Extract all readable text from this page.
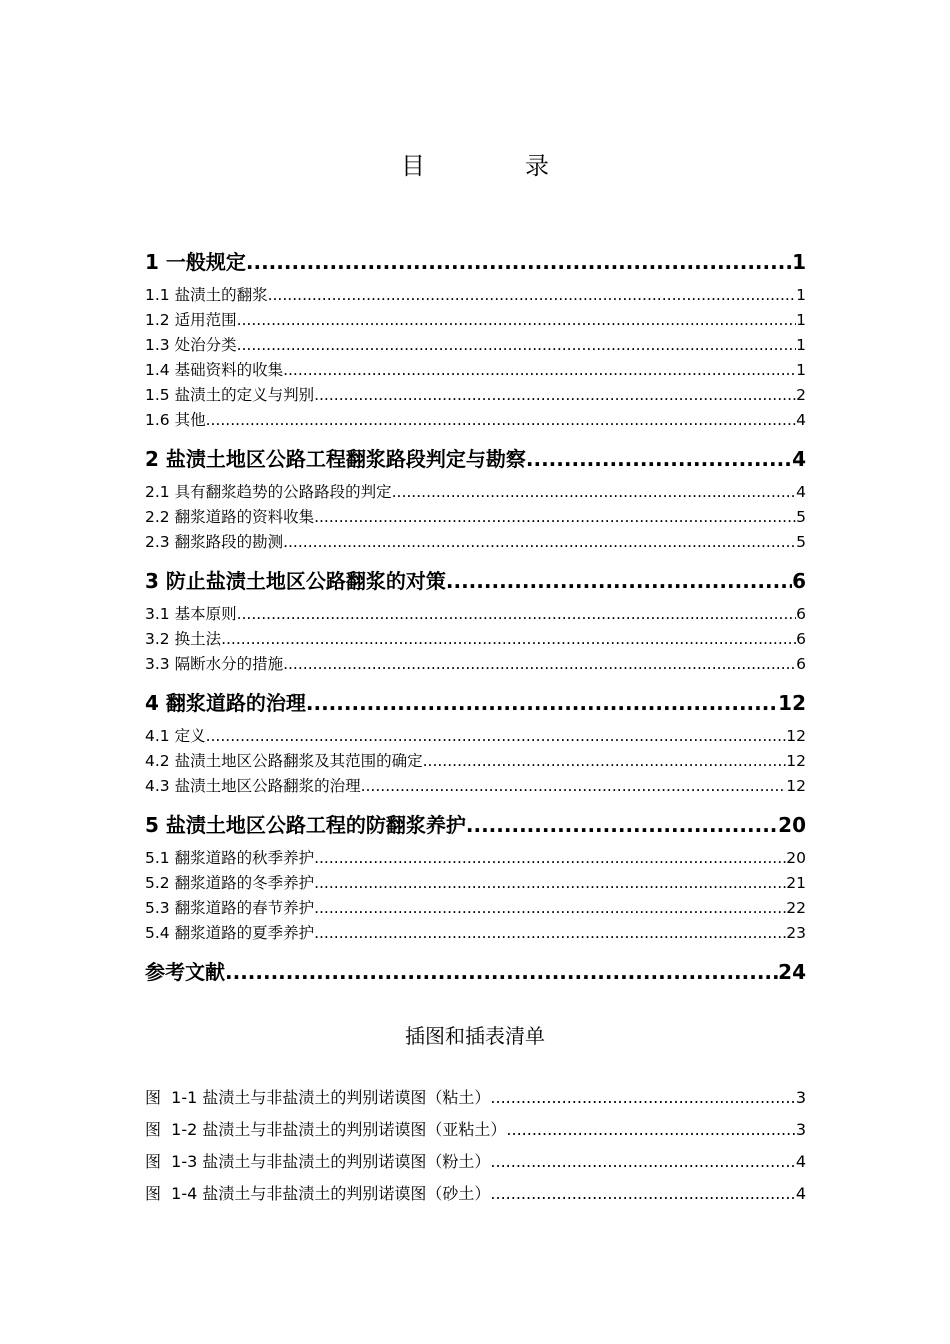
目　录
1 一般规定 .....	1
1.1 盐渍土的翻浆 .....	1
1.2 适用范围 .....	1
1.3 处治分类 .....	1
1.4 基础资料的收集 .....	1
1.5 盐渍土的定义与判别 .....	2
1.6 其他 .....	4
2 盐渍土地区公路工程翻浆路段判定与勘察 .....	4
2.1 具有翻浆趋势的公路路段的判定 .....	4
2.2 翻浆道路的资料收集 .....	5
2.3 翻浆路段的勘测 .....	5
3 防止盐渍土地区公路翻浆的对策 .....	6
3.1 基本原则 .....	6
3.2 换土法 .....	6
3.3 隔断水分的措施 .....	6
4 翻浆道路的治理 .....	12
4.1 定义 .....	12
4.2 盐渍土地区公路翻浆及其范围的确定 .....	12
4.3 盐渍土地区公路翻浆的治理 .....	12
5 盐渍土地区公路工程的防翻浆养护 .....	20
5.1 翻浆道路的秋季养护 .....	20
5.2 翻浆道路的冬季养护 .....	21
5.3 翻浆道路的春节养护 .....	22
5.4 翻浆道路的夏季养护 .....	23
参考文献 .....	24
插图和插表清单
图  1-1 盐渍土与非盐渍土的判别诺谟图（粘土） .....	3
图  1-2 盐渍土与非盐渍土的判别诺谟图（亚粘土） .....	3
图  1-3 盐渍土与非盐渍土的判别诺谟图（粉土） .....	4
图  1-4 盐渍土与非盐渍土的判别诺谟图（砂土） .....	4
